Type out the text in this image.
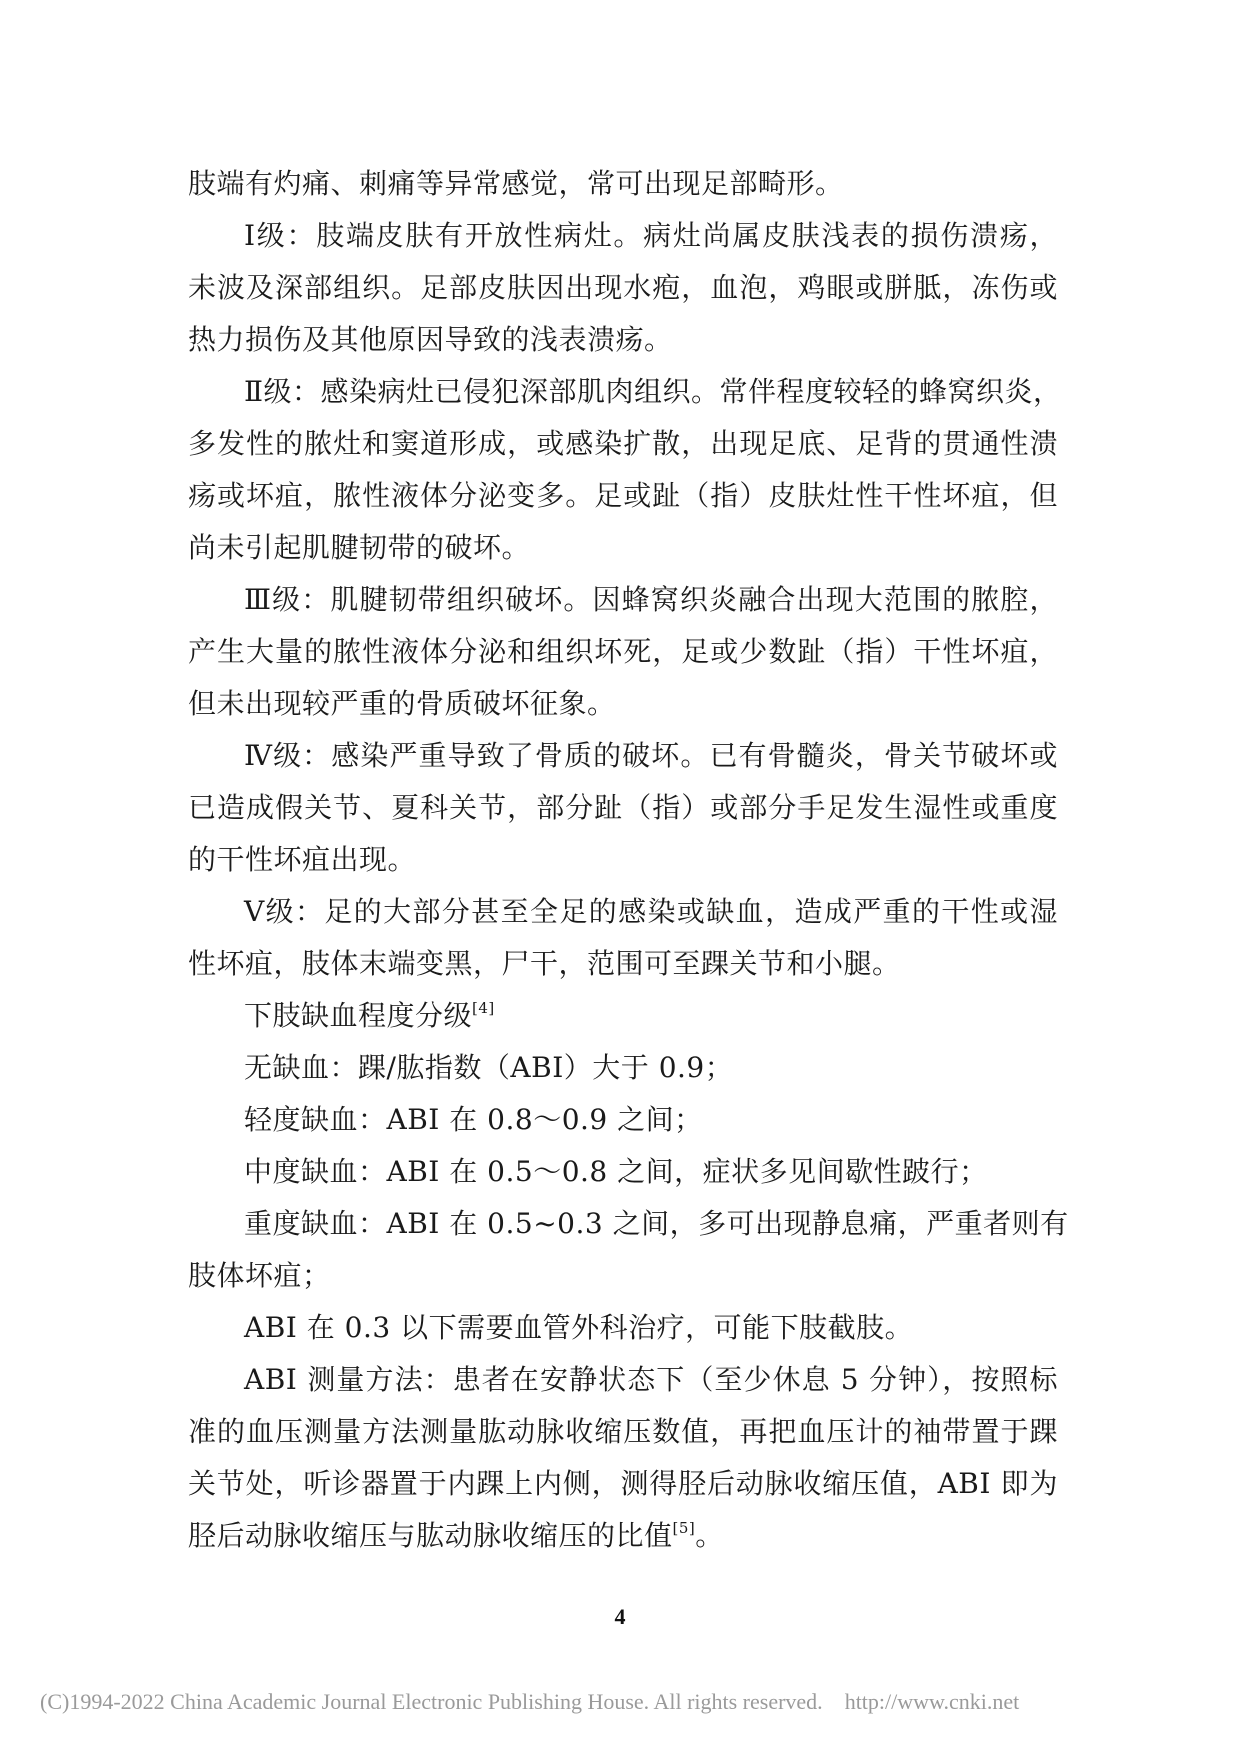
肢端有灼痛、刺痛等异常感觉，常可出现足部畸形。
Ⅰ级：肢端皮肤有开放性病灶。病灶尚属皮肤浅表的损伤溃疡，
未波及深部组织。足部皮肤因出现水疱，血泡，鸡眼或胼胝，冻伤或
热力损伤及其他原因导致的浅表溃疡。
Ⅱ级：感染病灶已侵犯深部肌肉组织。常伴程度较轻的蜂窝织炎，
多发性的脓灶和窦道形成，或感染扩散，出现足底、足背的贯通性溃
疡或坏疽，脓性液体分泌变多。足或趾（指）皮肤灶性干性坏疽，但
尚未引起肌腱韧带的破坏。
Ⅲ级：肌腱韧带组织破坏。因蜂窝织炎融合出现大范围的脓腔，
产生大量的脓性液体分泌和组织坏死，足或少数趾（指）干性坏疽，
但未出现较严重的骨质破坏征象。
Ⅳ级：感染严重导致了骨质的破坏。已有骨髓炎，骨关节破坏或
已造成假关节、夏科关节，部分趾（指）或部分手足发生湿性或重度
的干性坏疽出现。
Ⅴ级：足的大部分甚至全足的感染或缺血，造成严重的干性或湿
性坏疽，肢体末端变黑，尸干，范围可至踝关节和小腿。
下肢缺血程度分级[4]
无缺血：踝/肱指数（ABI）大于 0.9；
轻度缺血：ABI 在 0.8～0.9 之间；
中度缺血：ABI 在 0.5～0.8 之间，症状多见间歇性跛行；
重度缺血：ABI 在 0.5~0.3 之间，多可出现静息痛，严重者则有
肢体坏疽；
ABI 在 0.3 以下需要血管外科治疗，可能下肢截肢。
ABI 测量方法：患者在安静状态下（至少休息 5 分钟），按照标
准的血压测量方法测量肱动脉收缩压数值，再把血压计的袖带置于踝
关节处，听诊器置于内踝上内侧，测得胫后动脉收缩压值，ABI 即为
胫后动脉收缩压与肱动脉收缩压的比值[5]。
4
(C)1994-2022 China Academic Journal Electronic Publishing House. All rights reserved. http://www.cnki.net
